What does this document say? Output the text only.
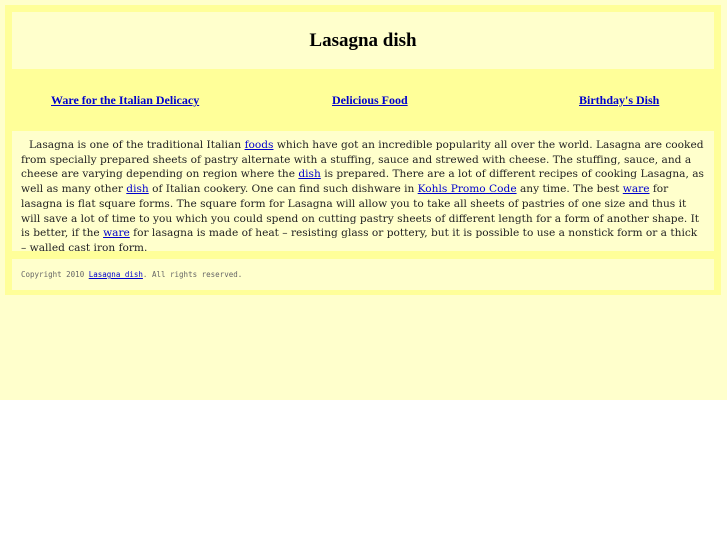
Lasagna dish
Ware for the Italian Delicacy	Delicious Food	Birthday's Dish

Lasagna is one of the traditional Italian foods which have got an incredible popularity all over the world. Lasagna are cooked from specially prepared sheets of pastry alternate with a stuffing, sauce and strewed with cheese. The stuffing, sauce, and a cheese are varying depending on region where the dish is prepared. There are a lot of different recipes of cooking Lasagna, as well as many other dish of Italian cookery. One can find such dishware in Kohls Promo Code any time. The best ware for lasagna is flat square forms. The square form for Lasagna will allow you to take all sheets of pastries of one size and thus it will save a lot of time to you which you could spend on cutting pastry sheets of different length for a form of another shape. It is better, if the ware for lasagna is made of heat – resisting glass or pottery, but it is possible to use a nonstick form or a thick – walled cast iron form.

Copyright 2010 Lasagna dish. All rights reserved.
